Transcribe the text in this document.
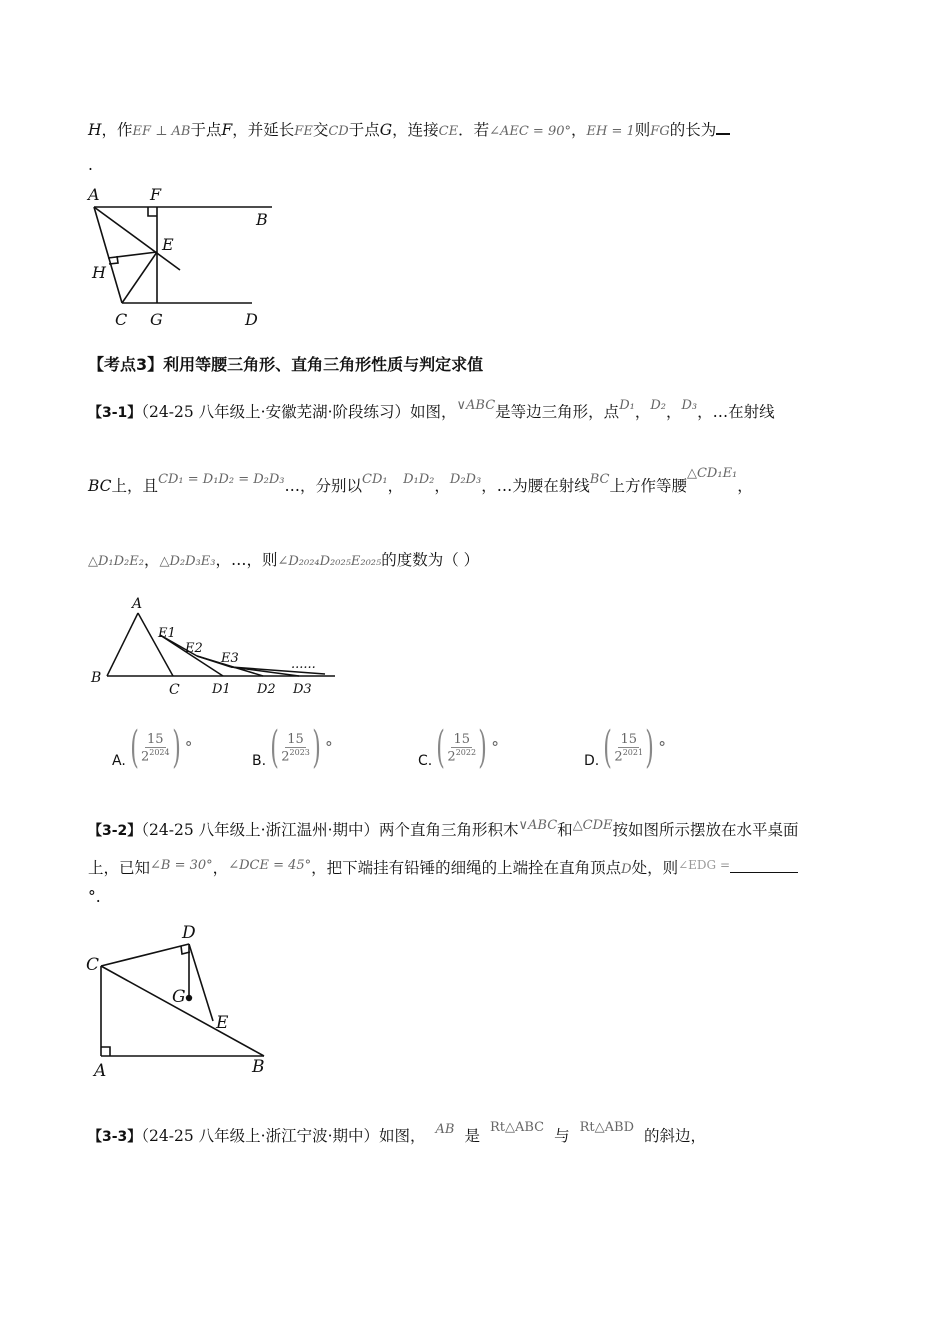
H，作EF ⊥ AB于点F，并延长FE交CD于点G，连接CE．若∠AEC = 90°，EH = 1则FG的长为
.
A	F
B
E
H
C G	D
【考点3】利用等腰三角形、直角三角形性质与判定求值
【3-1】（24-25 八年级上·安徽芜湖·阶段练习）如图，$^{\vee ABC}$是等边三角形，点$^{D_1}$，$^{D_2}$，$^{D_3}$，…在射线
BC上，且$^{CD_1 = D_1D_2 = D_2D_3}$…，分别以$^{CD_1}$，$^{D_1D_2}$，$^{D_2D_3}$，…为腰在射线$^{BC}$上方作等腰$^{\triangle CD_1E_1}$，
△D₁D₂E₂，△D₂D₃E₃，…，则∠D₂₀₂₄D₂₀₂₅E₂₀₂₅的度数为（ ）
A
B
C D1 D2 D3
E1
E2
E3	......
A. ( $\frac{15}{2^{2024}}$ ) °
B. ( $\frac{15}{2^{2023}}$ ) °
C. ( $\frac{15}{2^{2022}}$ ) °
D. ( $\frac{15}{2^{2021}}$ ) °
【3-2】（24-25 八年级上·浙江温州·期中）两个直角三角形积木$^{\vee ABC}$和$^{\triangle CDE}$按如图所示摆放在水平桌面
上，已知$^{\angle B = 30^\circ}$，$^{\angle DCE = 45^\circ}$，把下端挂有铅锤的细绳的上端拴在直角顶点D处，则$^{\angle EDG =}$
°.
D
C
G
E
A	B
【3-3】（24-25 八年级上·浙江宁波·期中）如图， $^{AB}$ 是 $^{Rt\triangle ABC}$ 与 $^{Rt\triangle ABD}$ 的斜边，
